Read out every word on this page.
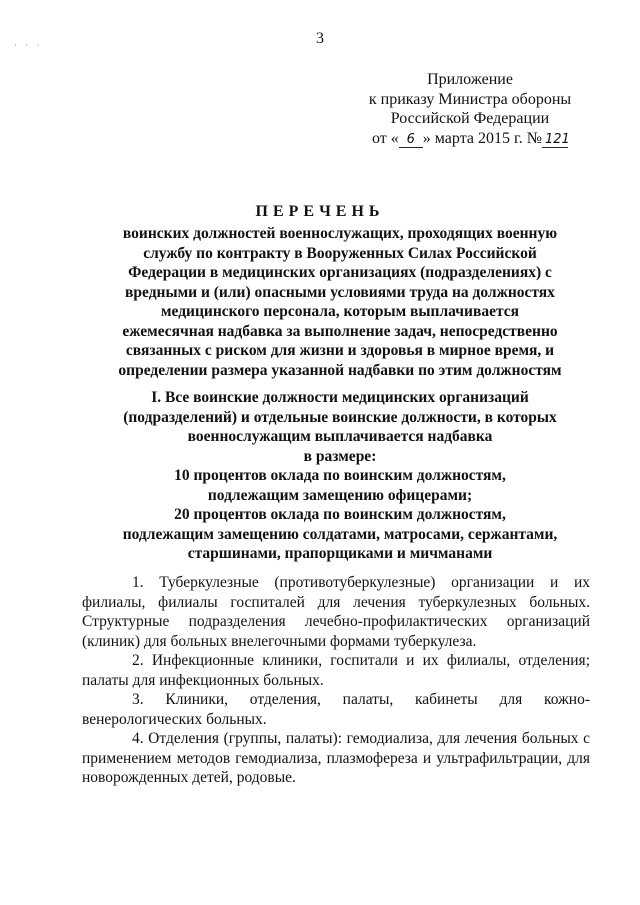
· · ·	3
Приложение
к приказу Министра обороны
Российской Федерации
от « 6 » марта 2015 г. № 121
ПЕРЕЧЕНЬ
воинских должностей военнослужащих, проходящих военную
службу по контракту в Вооруженных Силах Российской
Федерации в медицинских организациях (подразделениях) с
вредными и (или) опасными условиями труда на должностях
медицинского персонала, которым выплачивается
ежемесячная надбавка за выполнение задач, непосредственно
связанных с риском для жизни и здоровья в мирное время, и
определении размера указанной надбавки по этим должностям
I. Все воинские должности медицинских организаций
(подразделений) и отдельные воинские должности, в которых
военнослужащим выплачивается надбавка
в размере:
10 процентов оклада по воинским должностям,
подлежащим замещению офицерами;
20 процентов оклада по воинским должностям,
подлежащим замещению солдатами, матросами, сержантами,
старшинами, прапорщиками и мичманами

1. Туберкулезные (противотуберкулезные) организации и их филиалы, филиалы госпиталей для лечения туберкулезных больных. Структурные подразделения лечебно-профилактических организаций (клиник) для больных внелегочными формами туберкулеза.

2. Инфекционные клиники, госпитали и их филиалы, отделения; палаты для инфекционных больных.

3. Клиники, отделения, палаты, кабинеты для кожно-венерологических больных.

4. Отделения (группы, палаты): гемодиализа, для лечения больных с применением методов гемодиализа, плазмофереза и ультрафильтрации, для новорожденных детей, родовые.
